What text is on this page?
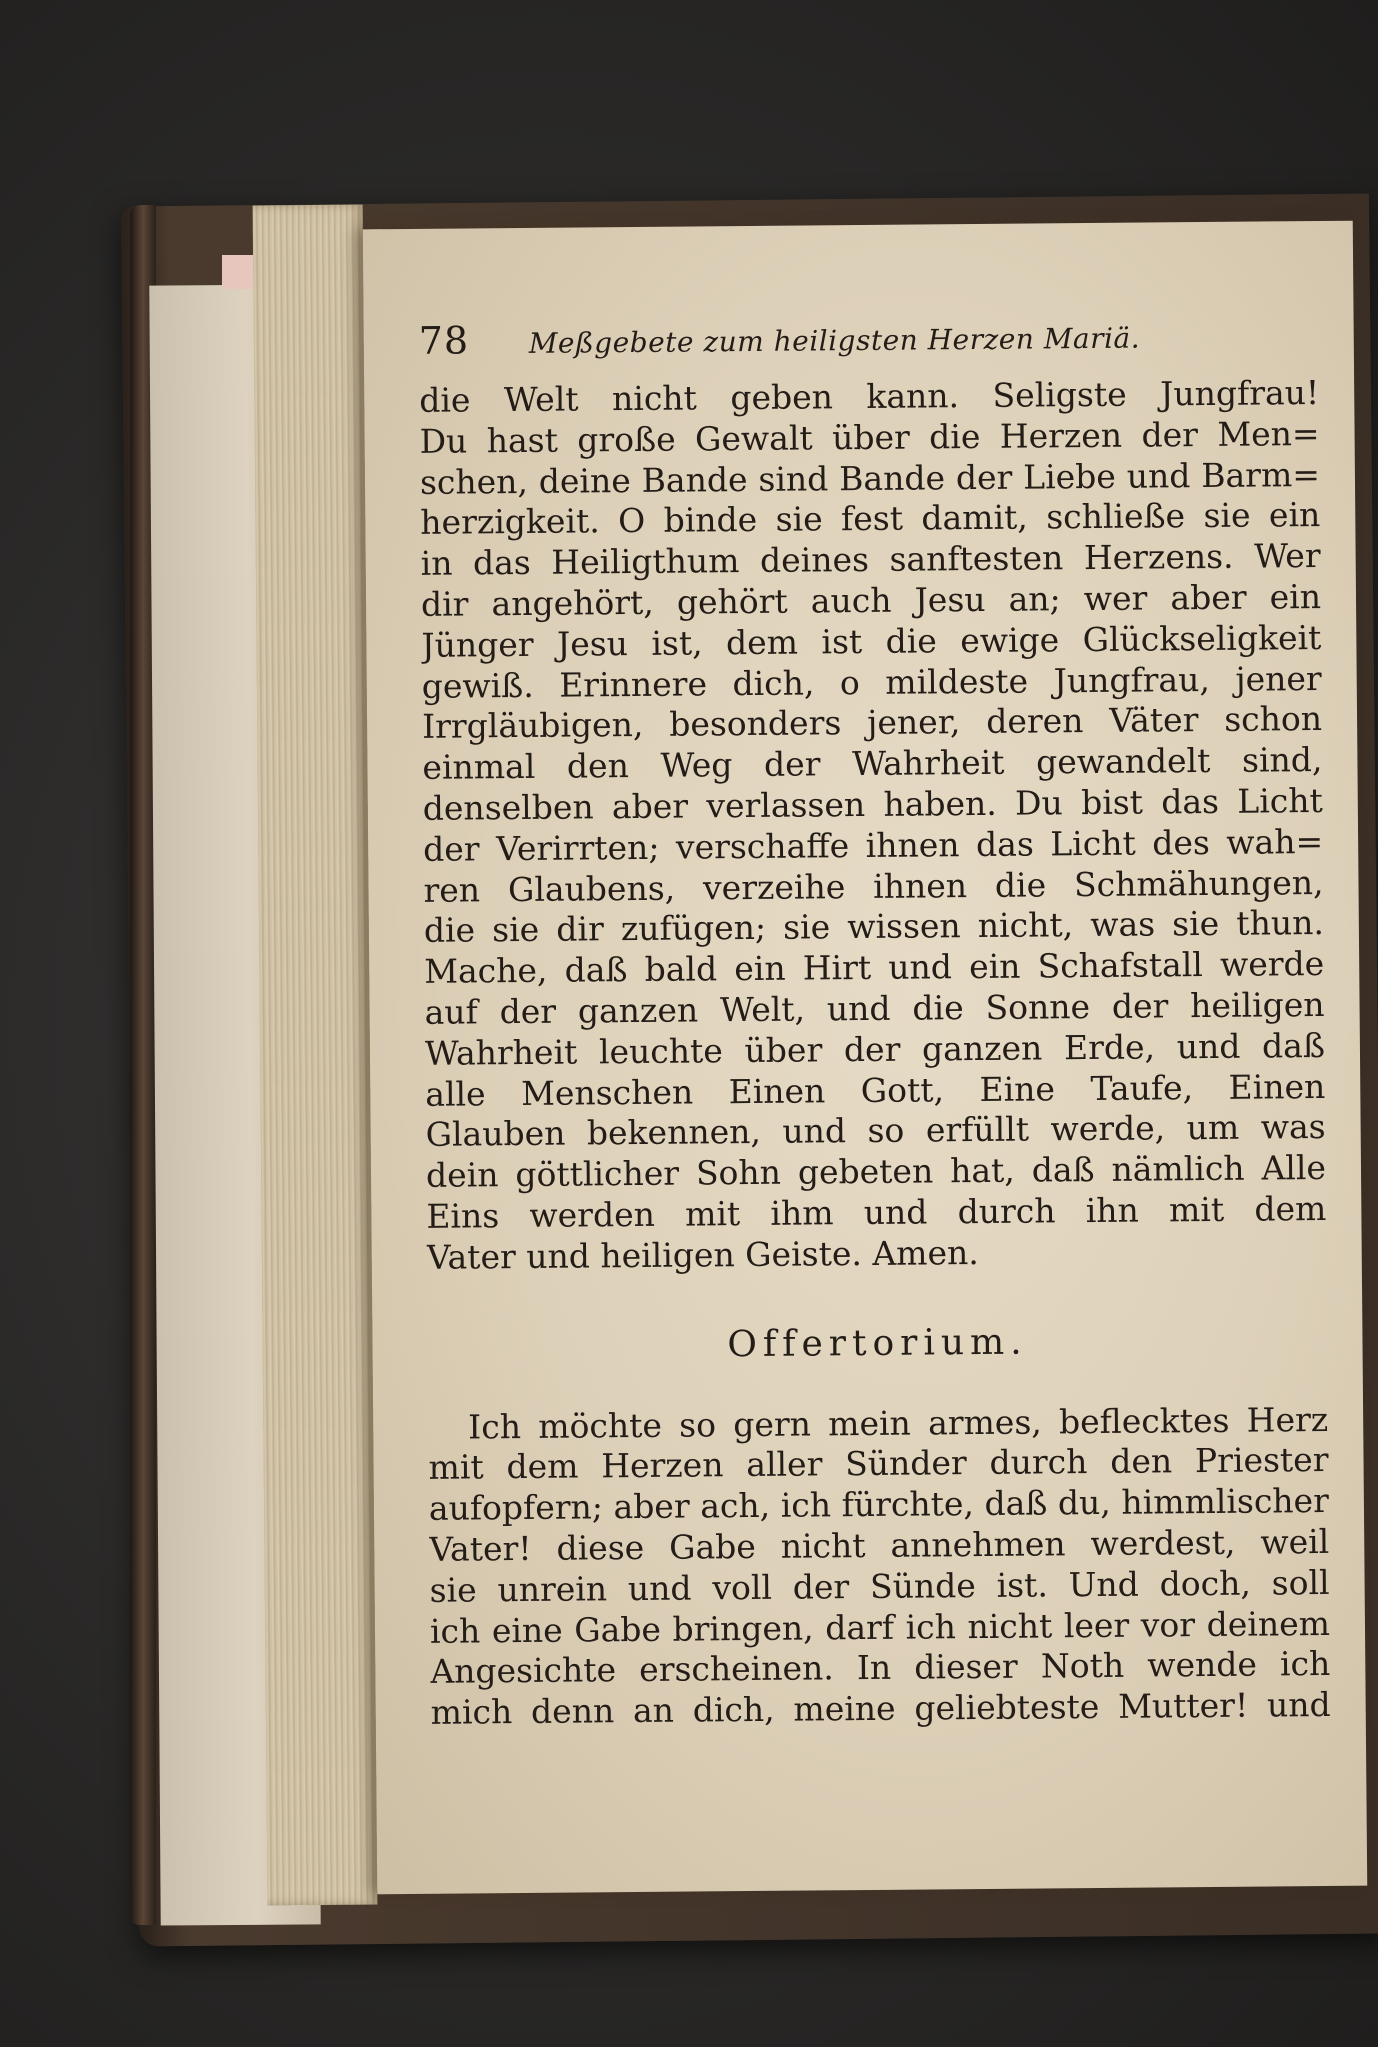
78	Meßgebete zum heiligsten Herzen Mariä.

die Welt nicht geben kann. Seligste Jungfrau!
Du hast große Gewalt über die Herzen der Men=
schen, deine Bande sind Bande der Liebe und Barm=
herzigkeit. O binde sie fest damit, schließe sie ein
in das Heiligthum deines sanftesten Herzens. Wer
dir angehört, gehört auch Jesu an; wer aber ein
Jünger Jesu ist, dem ist die ewige Glückseligkeit
gewiß. Erinnere dich, o mildeste Jungfrau, jener
Irrgläubigen, besonders jener, deren Väter schon
einmal den Weg der Wahrheit gewandelt sind,
denselben aber verlassen haben. Du bist das Licht
der Verirrten; verschaffe ihnen das Licht des wah=
ren Glaubens, verzeihe ihnen die Schmähungen,
die sie dir zufügen; sie wissen nicht, was sie thun.
Mache, daß bald ein Hirt und ein Schafstall werde
auf der ganzen Welt, und die Sonne der heiligen
Wahrheit leuchte über der ganzen Erde, und daß
alle Menschen Einen Gott, Eine Taufe, Einen
Glauben bekennen, und so erfüllt werde, um was
dein göttlicher Sohn gebeten hat, daß nämlich Alle
Eins werden mit ihm und durch ihn mit dem
Vater und heiligen Geiste. Amen.

Offertorium.

Ich möchte so gern mein armes, beflecktes Herz
mit dem Herzen aller Sünder durch den Priester
aufopfern; aber ach, ich fürchte, daß du, himmlischer
Vater! diese Gabe nicht annehmen werdest, weil
sie unrein und voll der Sünde ist. Und doch, soll
ich eine Gabe bringen, darf ich nicht leer vor deinem
Angesichte erscheinen. In dieser Noth wende ich
mich denn an dich, meine geliebteste Mutter! und
